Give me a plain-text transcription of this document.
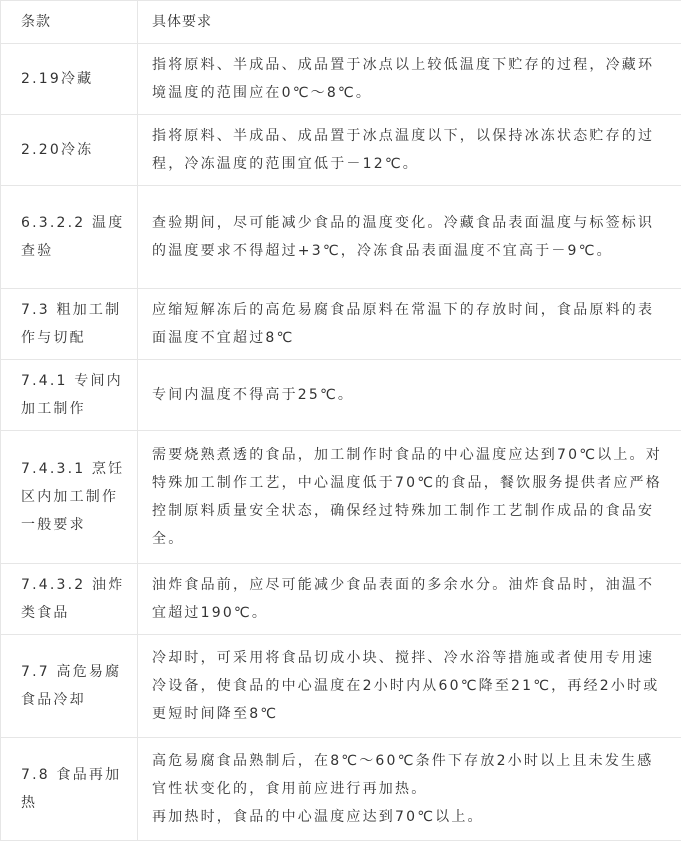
条款	具体要求
2.19冷藏	指将原料、半成品、成品置于冰点以上较低温度下贮存的过程，冷藏环境温度的范围应在0℃～8℃。
2.20冷冻	指将原料、半成品、成品置于冰点温度以下，以保持冰冻状态贮存的过程，冷冻温度的范围宜低于－12℃。
6.3.2.2 温度查验	查验期间，尽可能减少食品的温度变化。冷藏食品表面温度与标签标识的温度要求不得超过+3℃，冷冻食品表面温度不宜高于－9℃。
7.3 粗加工制作与切配	应缩短解冻后的高危易腐食品原料在常温下的存放时间，食品原料的表面温度不宜超过8℃
7.4.1 专间内加工制作	专间内温度不得高于25℃。
7.4.3.1 烹饪区内加工制作  一般要求	需要烧熟煮透的食品，加工制作时食品的中心温度应达到70℃以上。对特殊加工制作工艺，中心温度低于70℃的食品，餐饮服务提供者应严格控制原料质量安全状态，确保经过特殊加工制作工艺制作成品的食品安全。
7.4.3.2 油炸类食品	油炸食品前，应尽可能减少食品表面的多余水分。油炸食品时，油温不宜超过190℃。
7.7 高危易腐食品冷却	冷却时，可采用将食品切成小块、搅拌、冷水浴等措施或者使用专用速冷设备，使食品的中心温度在2小时内从60℃降至21℃，再经2小时或更短时间降至8℃
7.8 食品再加热	高危易腐食品熟制后，在8℃～60℃条件下存放2小时以上且未发生感官性状变化的，食用前应进行再加热。
再加热时，食品的中心温度应达到70℃以上。
